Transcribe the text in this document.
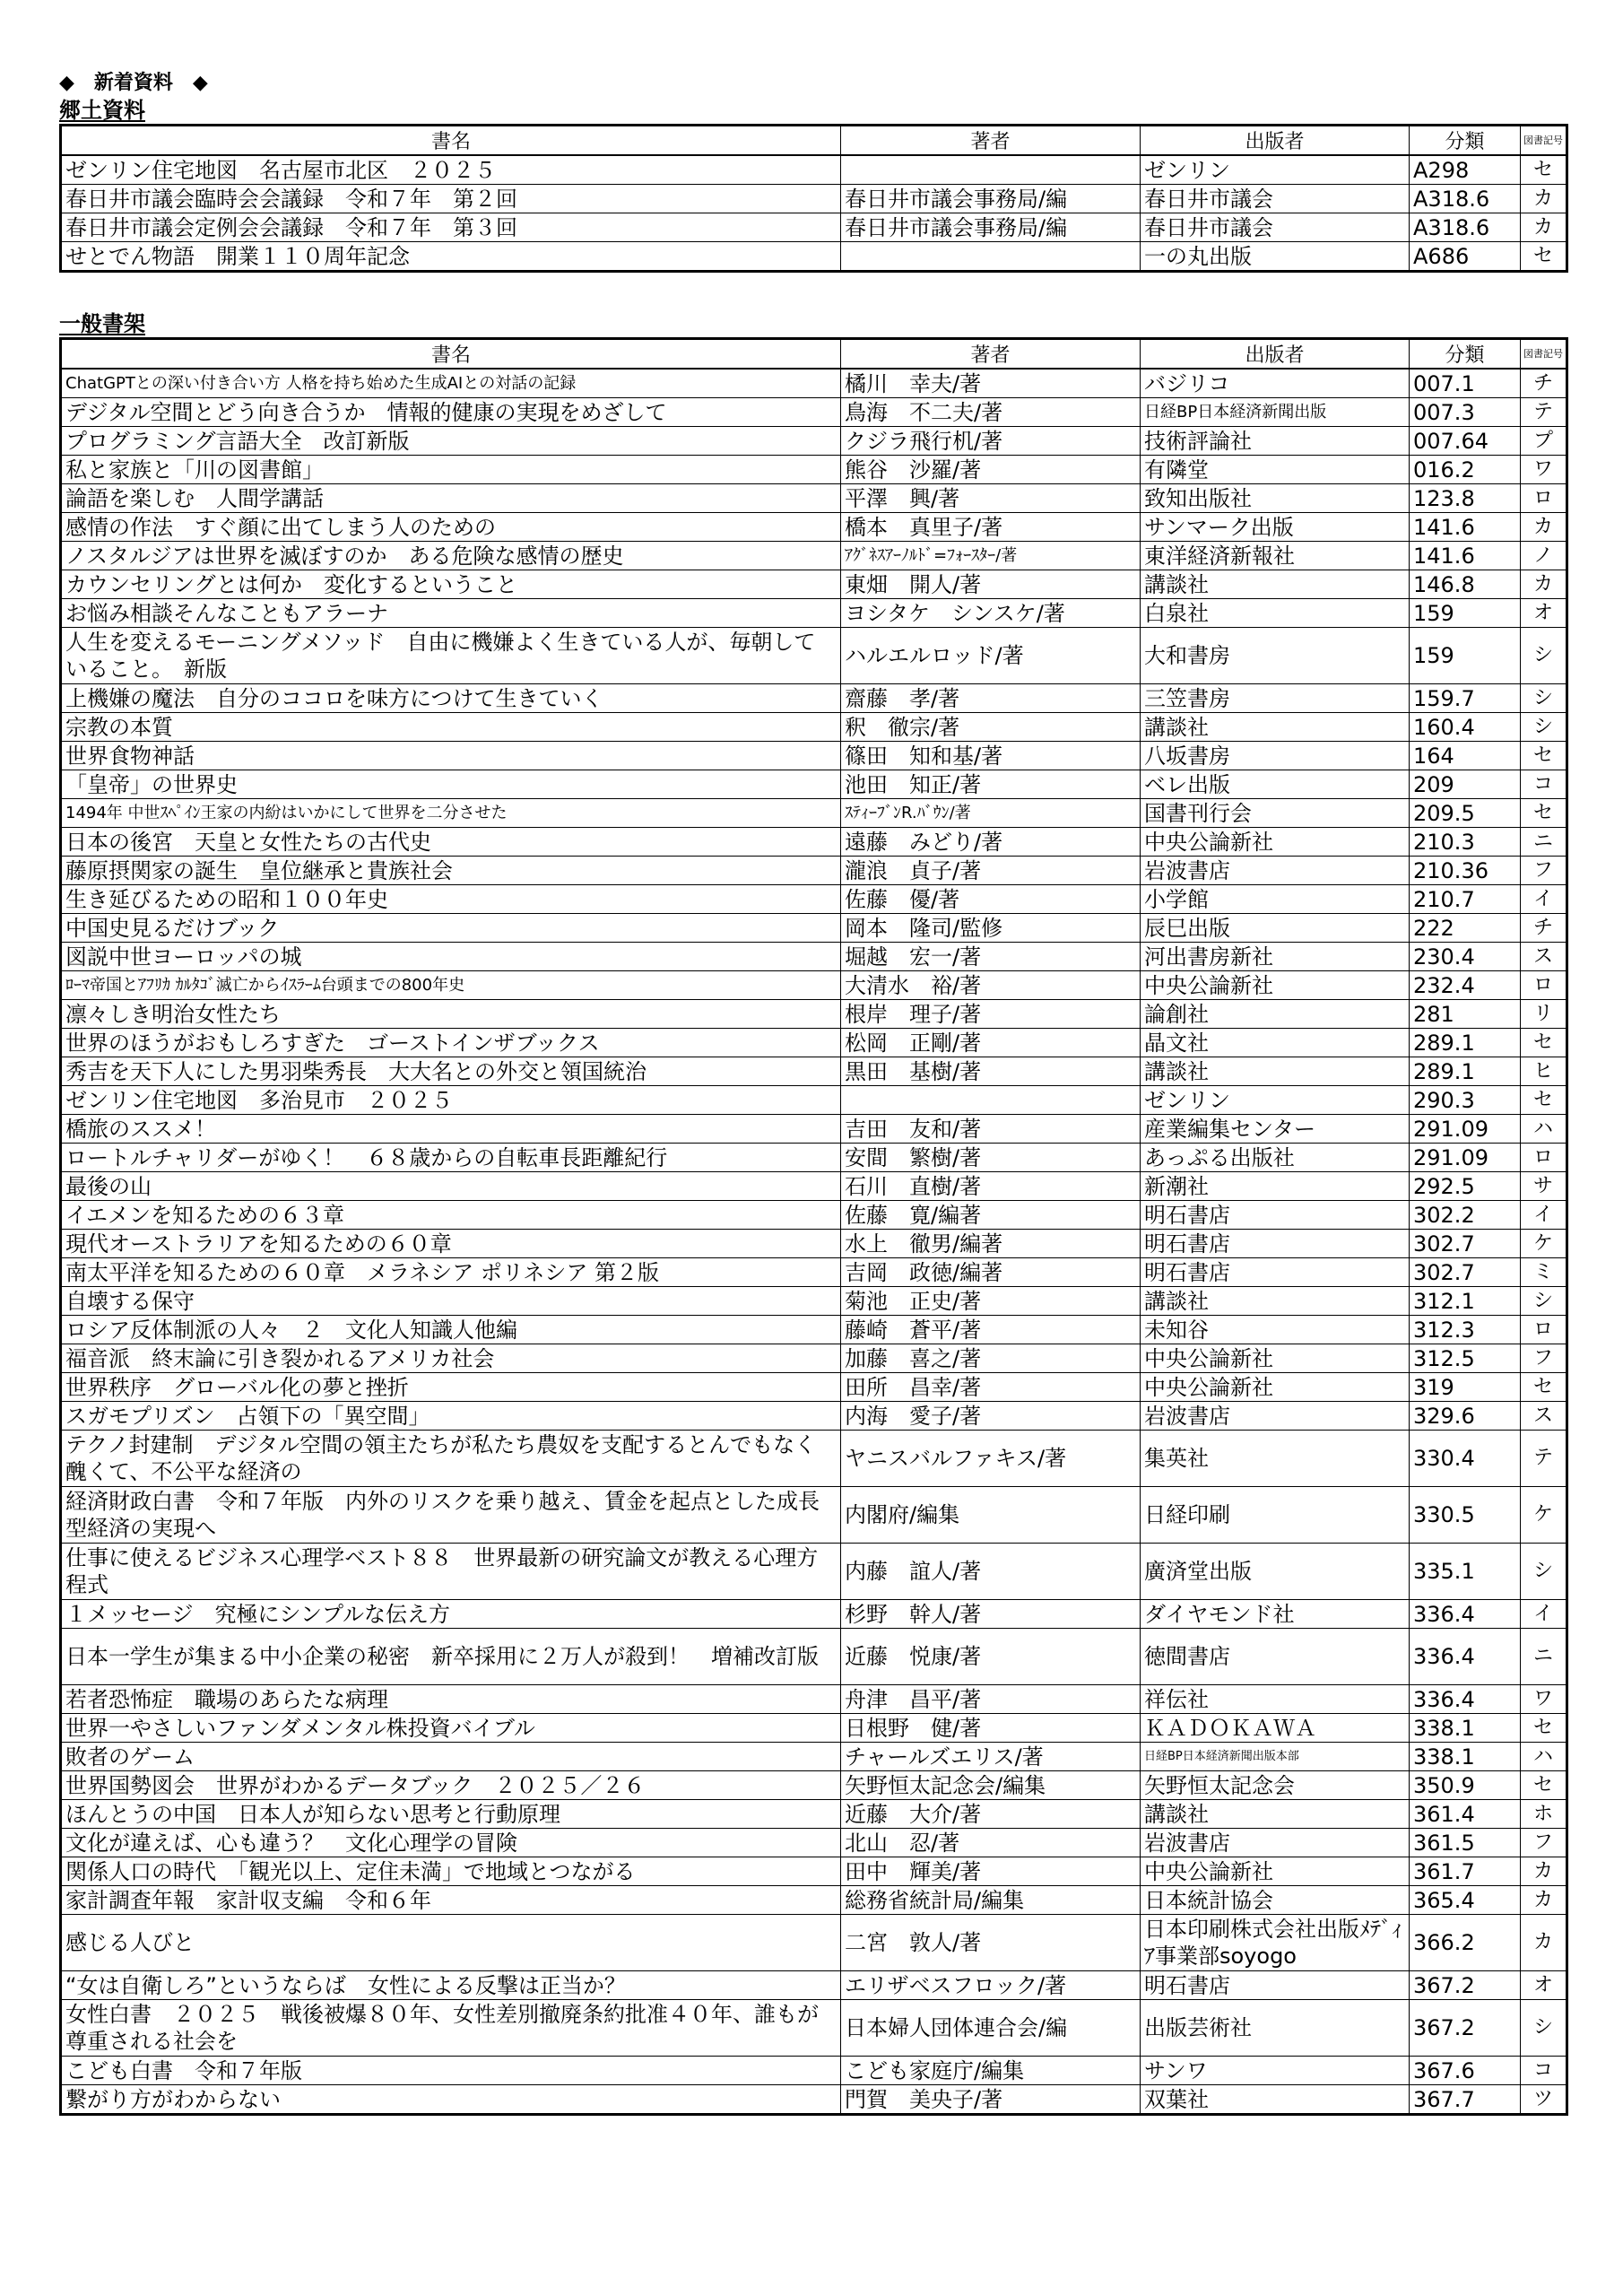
◆　新着資料　◆
郷土資料
書名	著者	出版者	分類	図書記号
ゼンリン住宅地図　名古屋市北区　２０２５		ゼンリン	A298	セ
春日井市議会臨時会会議録　令和７年　第２回	春日井市議会事務局/編	春日井市議会	A318.6	カ
春日井市議会定例会会議録　令和７年　第３回	春日井市議会事務局/編	春日井市議会	A318.6	カ
せとでん物語　開業１１０周年記念		一の丸出版	A686	セ
一般書架
書名	著者	出版者	分類	図書記号
ChatGPTとの深い付き合い方 人格を持ち始めた生成AIとの対話の記録	橘川　幸夫/著	バジリコ	007.1	チ
デジタル空間とどう向き合うか　情報的健康の実現をめざして	鳥海　不二夫/著	日経BP日本経済新聞出版	007.3	テ
プログラミング言語大全　改訂新版	クジラ飛行机/著	技術評論社	007.64	プ
私と家族と「川の図書館」	熊谷　沙羅/著	有隣堂	016.2	ワ
論語を楽しむ　人間学講話	平澤　興/著	致知出版社	123.8	ロ
感情の作法　すぐ顔に出てしまう人のための	橋本　真里子/著	サンマーク出版	141.6	カ
ノスタルジアは世界を滅ぼすのか　ある危険な感情の歴史	ｱｸﾞﾈｽｱｰﾉﾙﾄﾞ=ﾌｫｰｽﾀｰ/著	東洋経済新報社	141.6	ノ
カウンセリングとは何か　変化するということ	東畑　開人/著	講談社	146.8	カ
お悩み相談そんなこともアラーナ	ヨシタケ　シンスケ/著	白泉社	159	オ
人生を変えるモーニングメソッド　自由に機嫌よく生きている人が、毎朝していること。　新版	ハルエルロッド/著	大和書房	159	シ
上機嫌の魔法　自分のココロを味方につけて生きていく	齋藤　孝/著	三笠書房	159.7	シ
宗教の本質	釈　徹宗/著	講談社	160.4	シ
世界食物神話	篠田　知和基/著	八坂書房	164	セ
「皇帝」の世界史	池田　知正/著	ベレ出版	209	コ
1494年 中世ｽﾍﾟｲﾝ王家の内紛はいかにして世界を二分させた	ｽﾃｨｰﾌﾞﾝR.ﾊﾞｳﾝ/著	国書刊行会	209.5	セ
日本の後宮　天皇と女性たちの古代史	遠藤　みどり/著	中央公論新社	210.3	ニ
藤原摂関家の誕生　皇位継承と貴族社会	瀧浪　貞子/著	岩波書店	210.36	フ
生き延びるための昭和１００年史	佐藤　優/著	小学館	210.7	イ
中国史見るだけブック	岡本　隆司/監修	辰巳出版	222	チ
図説中世ヨーロッパの城	堀越　宏一/著	河出書房新社	230.4	ス
ﾛｰﾏ帝国とｱﾌﾘｶ ｶﾙﾀｺﾞ滅亡からｲｽﾗｰﾑ台頭までの800年史	大清水　裕/著	中央公論新社	232.4	ロ
凛々しき明治女性たち	根岸　理子/著	論創社	281	リ
世界のほうがおもしろすぎた　ゴーストインザブックス	松岡　正剛/著	晶文社	289.1	セ
秀吉を天下人にした男羽柴秀長　大大名との外交と領国統治	黒田　基樹/著	講談社	289.1	ヒ
ゼンリン住宅地図　多治見市　２０２５		ゼンリン	290.3	セ
橋旅のススメ！	吉田　友和/著	産業編集センター	291.09	ハ
ロートルチャリダーがゆく！　６８歳からの自転車長距離紀行	安間　繁樹/著	あっぷる出版社	291.09	ロ
最後の山	石川　直樹/著	新潮社	292.5	サ
イエメンを知るための６３章	佐藤　寛/編著	明石書店	302.2	イ
現代オーストラリアを知るための６０章	水上　徹男/編著	明石書店	302.7	ケ
南太平洋を知るための６０章　メラネシア ポリネシア 第２版	吉岡　政徳/編著	明石書店	302.7	ミ
自壊する保守	菊池　正史/著	講談社	312.1	シ
ロシア反体制派の人々　２　文化人知識人他編	藤崎　蒼平/著	未知谷	312.3	ロ
福音派　終末論に引き裂かれるアメリカ社会	加藤　喜之/著	中央公論新社	312.5	フ
世界秩序　グローバル化の夢と挫折	田所　昌幸/著	中央公論新社	319	セ
スガモプリズン　占領下の「異空間」	内海　愛子/著	岩波書店	329.6	ス
テクノ封建制　デジタル空間の領主たちが私たち農奴を支配するとんでもなく醜くて、不公平な経済の	ヤニスバルファキス/著	集英社	330.4	テ
経済財政白書　令和７年版　内外のリスクを乗り越え、賃金を起点とした成長型経済の実現へ	内閣府/編集	日経印刷	330.5	ケ
仕事に使えるビジネス心理学ベスト８８　世界最新の研究論文が教える心理方程式	内藤　誼人/著	廣済堂出版	335.1	シ
１メッセージ　究極にシンプルな伝え方	杉野　幹人/著	ダイヤモンド社	336.4	イ
日本一学生が集まる中小企業の秘密　新卒採用に２万人が殺到！　増補改訂版	近藤　悦康/著	徳間書店	336.4	ニ
若者恐怖症　職場のあらたな病理	舟津　昌平/著	祥伝社	336.4	ワ
世界一やさしいファンダメンタル株投資バイブル	日根野　健/著	ＫＡＤＯＫＡＷＡ	338.1	セ
敗者のゲーム	チャールズエリス/著	日経BP日本経済新聞出版本部	338.1	ハ
世界国勢図会　世界がわかるデータブック　２０２５／２６	矢野恒太記念会/編集	矢野恒太記念会	350.9	セ
ほんとうの中国　日本人が知らない思考と行動原理	近藤　大介/著	講談社	361.4	ホ
文化が違えば、心も違う？　文化心理学の冒険	北山　忍/著	岩波書店	361.5	フ
関係人口の時代　「観光以上、定住未満」で地域とつながる	田中　輝美/著	中央公論新社	361.7	カ
家計調査年報　家計収支編　令和６年	総務省統計局/編集	日本統計協会	365.4	カ
感じる人びと	二宮　敦人/著	日本印刷株式会社出版ﾒﾃﾞｨｱ事業部soyogo	366.2	カ
“女は自衛しろ”というならば　女性による反撃は正当か？	エリザベスフロック/著	明石書店	367.2	オ
女性白書　２０２５　戦後被爆８０年、女性差別撤廃条約批准４０年、誰もが尊重される社会を	日本婦人団体連合会/編	出版芸術社	367.2	シ
こども白書　令和７年版	こども家庭庁/編集	サンワ	367.6	コ
繋がり方がわからない	門賀　美央子/著	双葉社	367.7	ツ
